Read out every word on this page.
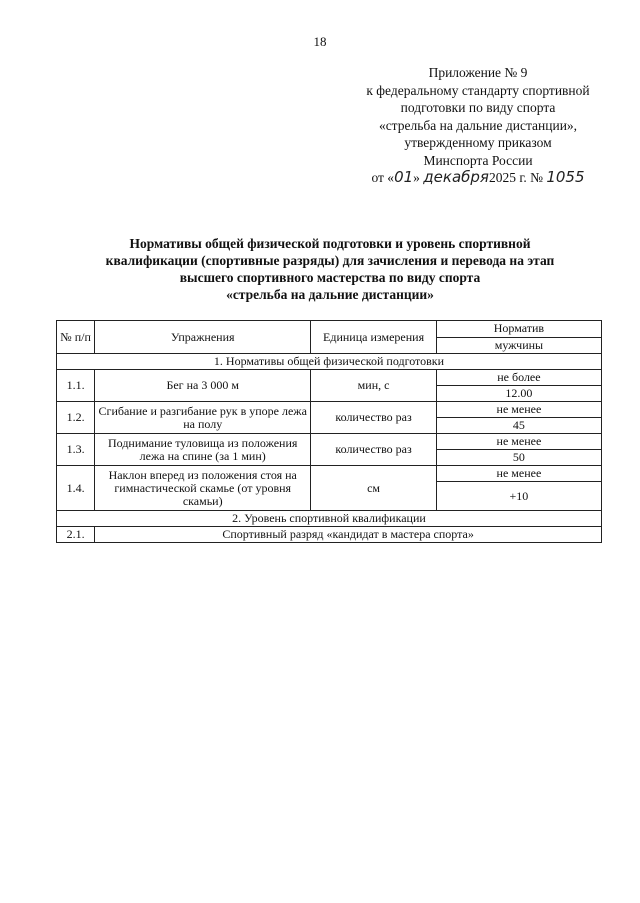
18
Приложение № 9
к федеральному стандарту спортивной
подготовки по виду спорта
«стрельба на дальние дистанции»,
утвержденному приказом
Минспорта России
от «01» декабря2025 г. № 1055
Нормативы общей физической подготовки и уровень спортивной
квалификации (спортивные разряды) для зачисления и перевода на этап
высшего спортивного мастерства по виду спорта
«стрельба на дальние дистанции»
№ п/п	Упражнения	Единица измерения	Норматив
			мужчины
1. Нормативы общей физической подготовки			
1.1.	Бег на 3 000 м	мин, с	не более
			12.00
1.2.	Сгибание и разгибание рук в упоре лежа на полу	количество раз	не менее
			45
1.3.	Поднимание туловища из положения лежа на спине (за 1 мин)	количество раз	не менее
			50
1.4.	Наклон вперед из положения стоя на гимнастической скамье (от уровня скамьи)	см	не менее
			+10
2. Уровень спортивной квалификации			
2.1.	Спортивный разряд «кандидат в мастера спорта»		
